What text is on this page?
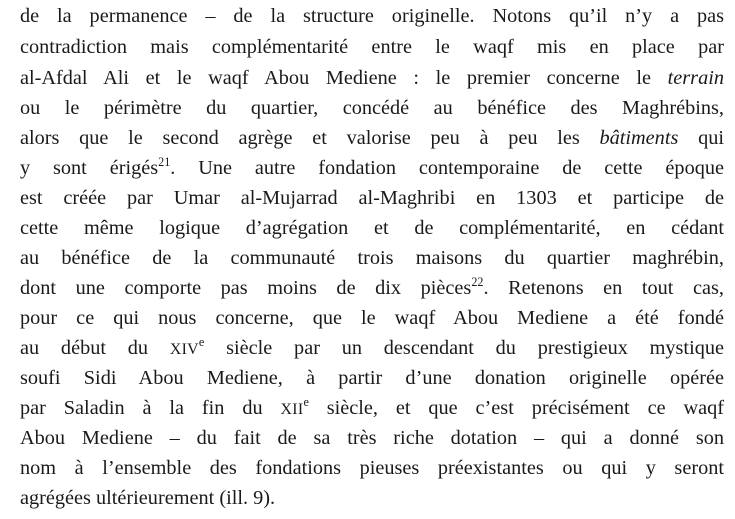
de la permanence – de la structure originelle. Notons qu’il n’y a pas
contradiction mais complémentarité entre le waqf mis en place par
al-Afdal Ali et le waqf Abou Mediene : le premier concerne le terrain
ou le périmètre du quartier, concédé au bénéfice des Maghrébins,
alors que le second agrège et valorise peu à peu les bâtiments qui
y sont érigés$^{21}$. Une autre fondation contemporaine de cette époque
est créée par Umar al-Mujarrad al-Maghribi en 1303 et participe de
cette même logique d’agrégation et de complémentarité, en cédant
au bénéfice de la communauté trois maisons du quartier maghrébin,
dont une comporte pas moins de dix pièces$^{22}$. Retenons en tout cas,
pour ce qui nous concerne, que le waqf Abou Mediene a été fondé
au début du XIVe siècle par un descendant du prestigieux mystique
soufi Sidi Abou Mediene, à partir d’une donation originelle opérée
par Saladin à la fin du XIIe siècle, et que c’est précisément ce waqf
Abou Mediene – du fait de sa très riche dotation – qui a donné son
nom à l’ensemble des fondations pieuses préexistantes ou qui y seront
agrégées ultérieurement (ill. 9).
